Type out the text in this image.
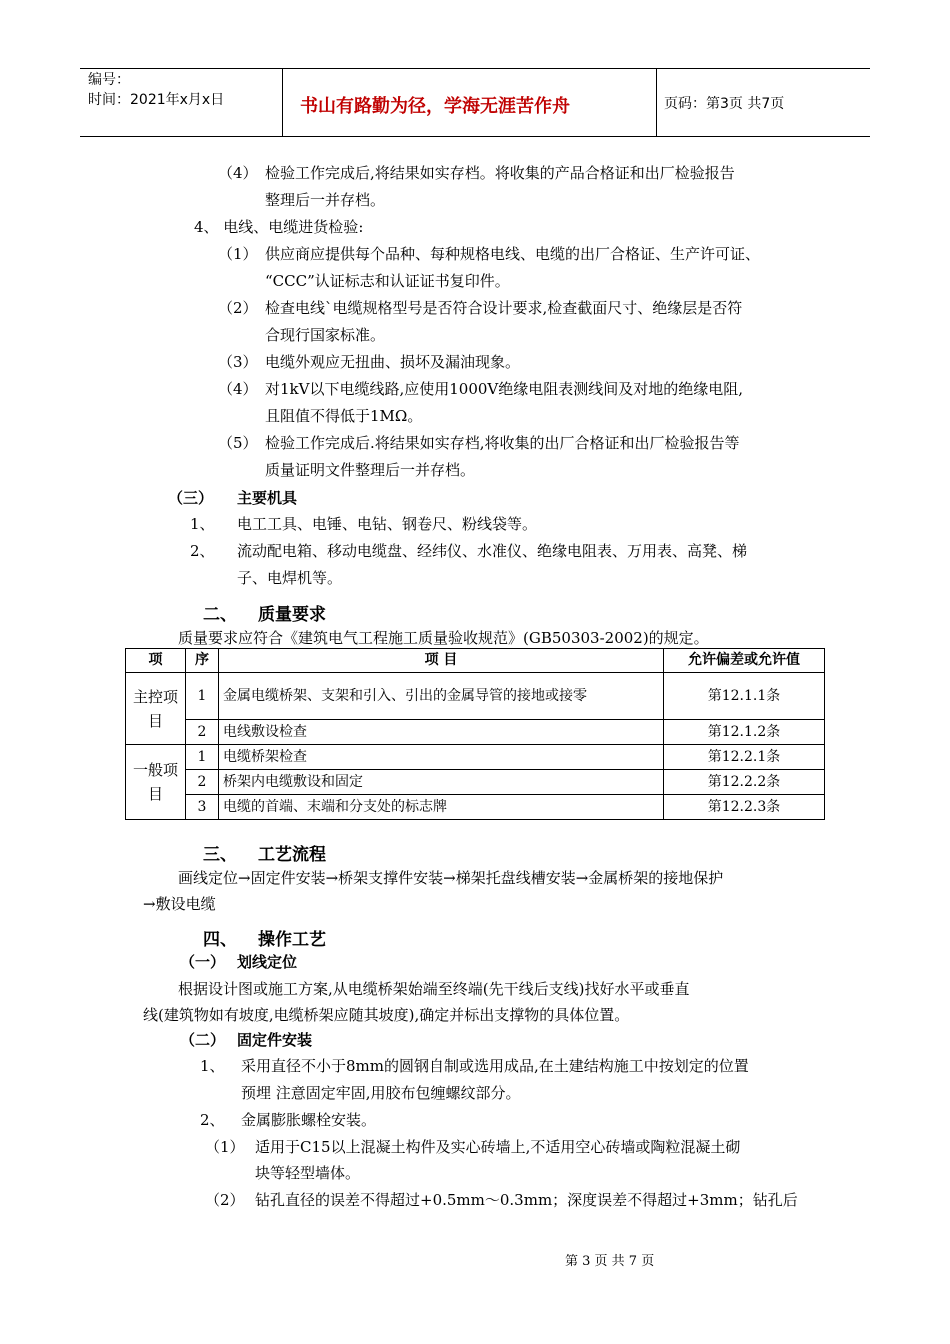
编号：
时间：2021年x月x日	书山有路勤为径，学海无涯苦作舟	页码：第3页 共7页
（4） 检验工作完成后,将结果如实存档。将收集的产品合格证和出厂检验报告
整理后一并存档。
4、 电线、电缆进货检验:
（1） 供应商应提供每个品种、每种规格电线、电缆的出厂合格证、生产许可证、
“CCC”认证标志和认证证书复印件。
（2） 检查电线`电缆规格型号是否符合设计要求,检查截面尺寸、绝缘层是否符
合现行国家标准。
（3） 电缆外观应无扭曲、损坏及漏油现象。
（4） 对1kV以下电缆线路,应使用1000V绝缘电阻表测线间及对地的绝缘电阻,
且阻值不得低于1MΩ。
（5） 检验工作完成后.将结果如实存档,将收集的出厂合格证和出厂检验报告等
质量证明文件整理后一并存档。
（三） 主要机具
1、 电工工具、电锤、电钻、钢卷尺、粉线袋等。
2、 流动配电箱、移动电缆盘、经纬仪、水准仪、绝缘电阻表、万用表、高凳、梯
子、电焊机等。
二、 质量要求
质量要求应符合《建筑电气工程施工质量验收规范》(GB50303-2002)的规定。
项	序	项 目	允许偏差或允许值
主控项目	1	金属电缆桥架、支架和引入、引出的金属导管的接地或接零	第12.1.1条
	2	电线敷设检查	第12.1.2条
一般项目	1	电缆桥架检查	第12.2.1条
	2	桥架内电缆敷设和固定	第12.2.2条
	3	电缆的首端、末端和分支处的标志牌	第12.2.3条
三、 工艺流程
画线定位→固定件安装→桥架支撑件安装→梯架托盘线槽安装→金属桥架的接地保护
→敷设电缆
四、 操作工艺
（一） 划线定位
根据设计图或施工方案,从电缆桥架始端至终端(先干线后支线)找好水平或垂直
线(建筑物如有坡度,电缆桥架应随其坡度),确定并标出支撑物的具体位置。
（二） 固定件安装
1、 采用直径不小于8mm的圆钢自制或选用成品,在土建结构施工中按划定的位置
预埋 注意固定牢固,用胶布包缠螺纹部分。
2、 金属膨胀螺栓安装。
（1） 适用于C15以上混凝土构件及实心砖墙上,不适用空心砖墙或陶粒混凝土砌
块等轻型墙体。
（2） 钻孔直径的误差不得超过+0.5mm～0.3mm；深度误差不得超过+3mm；钻孔后
第 3 页 共 7 页
